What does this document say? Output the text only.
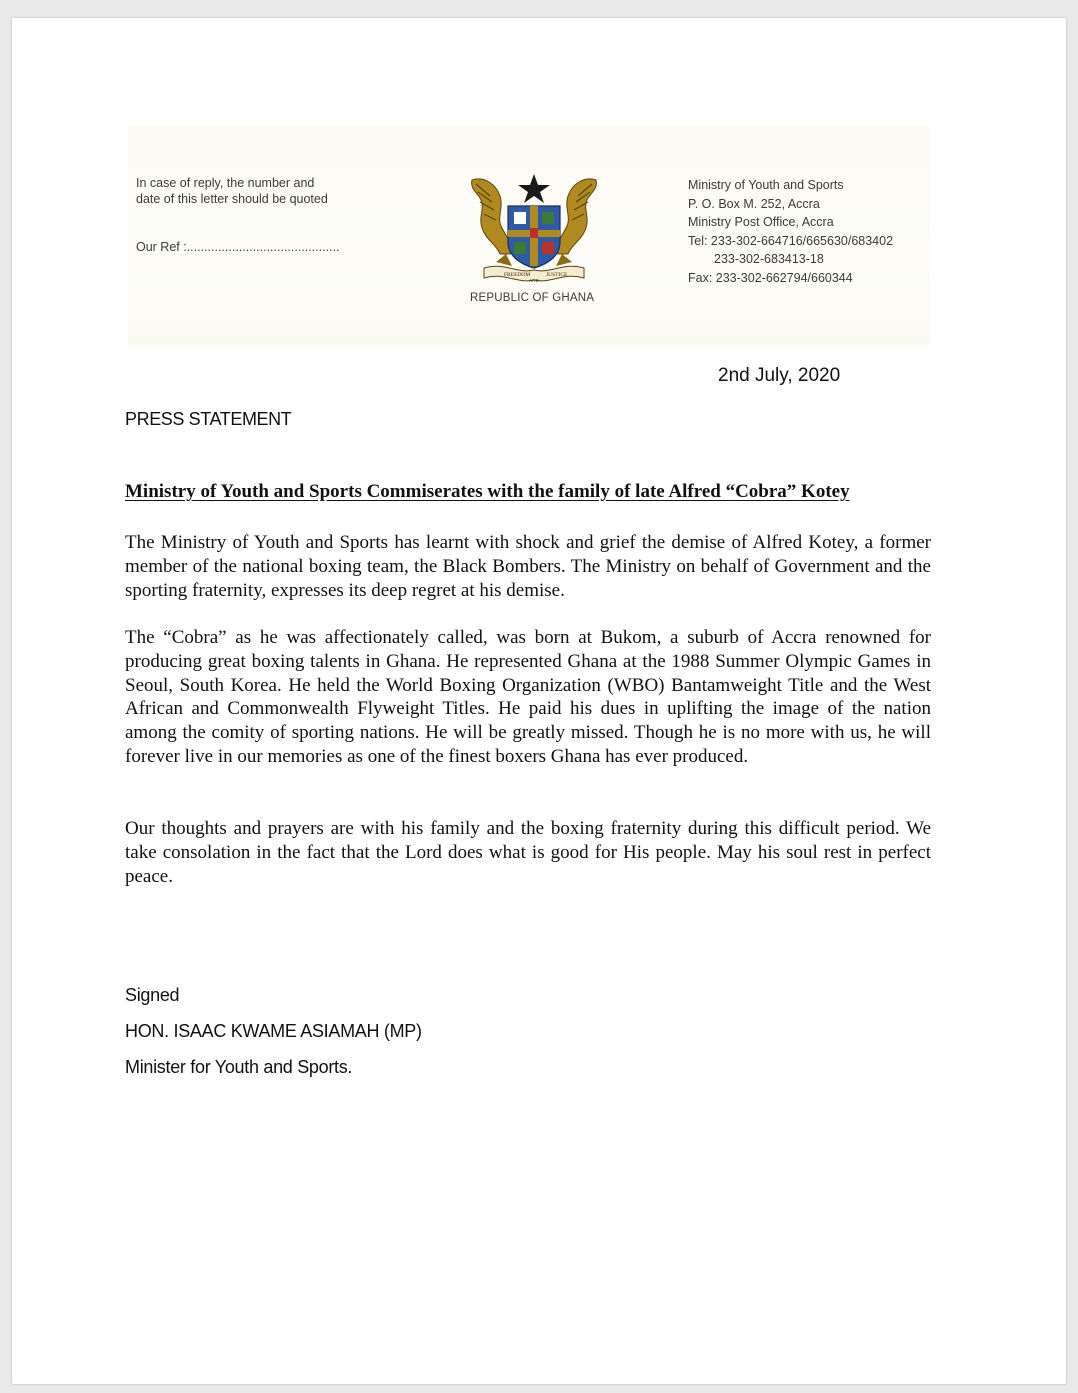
In case of reply, the number and
date of this letter should be quoted
Our Ref :............................................
FREEDOM
AND
JUSTICE
REPUBLIC OF GHANA
Ministry of Youth and Sports
P. O. Box M. 252, Accra
Ministry Post Office, Accra
Tel: 233-302-664716/665630/683402
233-302-683413-18
Fax: 233-302-662794/660344
2nd July, 2020
PRESS STATEMENT
Ministry of Youth and Sports Commiserates with the family of late Alfred “Cobra” Kotey

The Ministry of Youth and Sports has learnt with shock and grief the demise of Alfred Kotey, a former member of the national boxing team, the Black Bombers. The Ministry on behalf of Government and the sporting fraternity, expresses its deep regret at his demise.

The “Cobra” as he was affectionately called, was born at Bukom, a suburb of Accra renowned for producing great boxing talents in Ghana. He represented Ghana at the 1988 Summer Olympic Games in Seoul, South Korea. He held the World Boxing Organization (WBO) Bantamweight Title and the West African and Commonwealth Flyweight Titles. He paid his dues in uplifting the image of the nation among the comity of sporting nations. He will be greatly missed. Though he is no more with us, he will forever live in our memories as one of the finest boxers Ghana has ever produced.

Our thoughts and prayers are with his family and the boxing fraternity during this difficult period. We take consolation in the fact that the Lord does what is good for His people. May his soul rest in perfect peace.

Signed
HON. ISAAC KWAME ASIAMAH (MP)
Minister for Youth and Sports.
